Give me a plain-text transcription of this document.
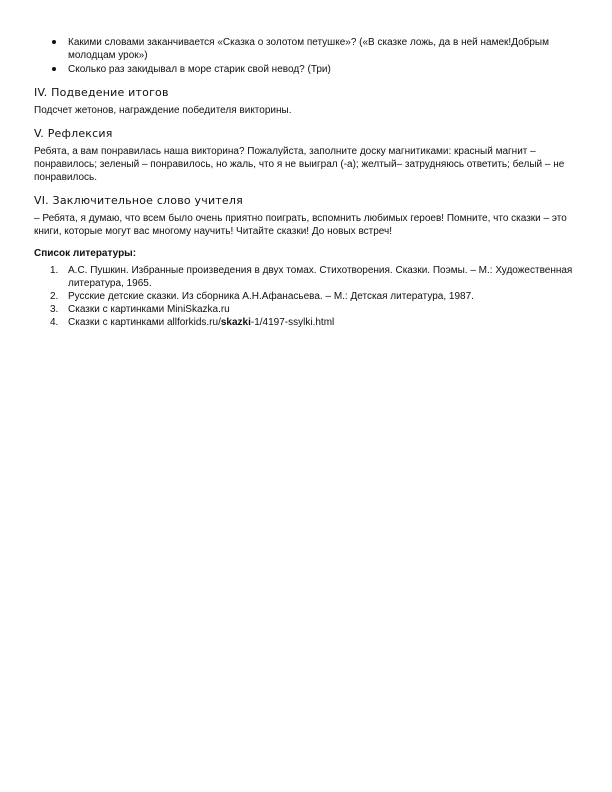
Какими словами заканчивается «Сказка о золотом петушке»? («В сказке ложь, да в ней намек!Добрым молодцам урок»)
Сколько раз закидывал в море старик свой невод? (Три)
IV. Подведение итогов
Подсчет жетонов, награждение победителя викторины.
V. Рефлексия
Ребята, а вам понравилась наша викторина? Пожалуйста, заполните доску магнитиками: красный магнит – понравилось; зеленый – понравилось, но жаль, что я не выиграл (-а); желтый– затрудняюсь ответить; белый – не понравилось.
VI. Заключительное слово учителя
– Ребята, я думаю, что всем было очень приятно поиграть, вспомнить любимых героев! Помните, что сказки – это книги, которые могут вас многому научить! Читайте сказки! До новых встреч!
Список литературы:
1. А.С. Пушкин. Избранные произведения в двух томах. Стихотворения. Сказки. Поэмы. – М.: Художественная литература, 1965.
2. Русские детские сказки. Из сборника А.Н.Афанасьева. – М.: Детская литература, 1987.
3. Сказки с картинками MiniSkazka.ru
4. Сказки с картинками allforkids.ru/skazki-1/4197-ssylki.html
